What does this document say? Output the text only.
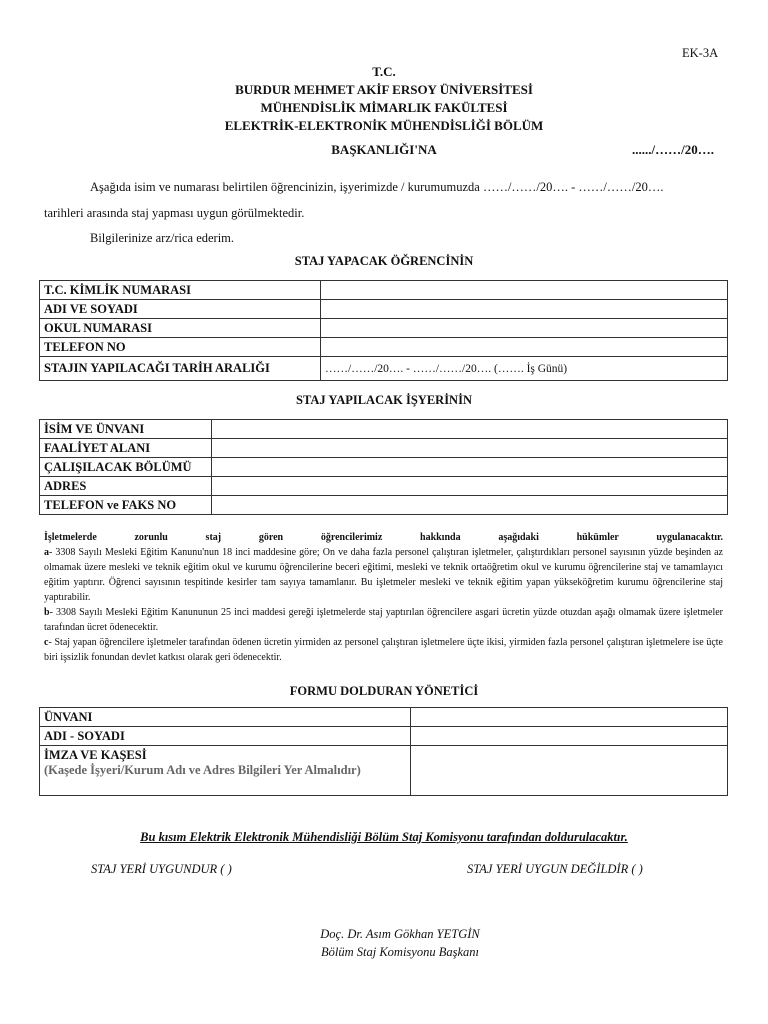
EK-3A
T.C.
BURDUR MEHMET AKİF ERSOY ÜNİVERSİTESİ
MÜHENDİSLİK MİMARLIK FAKÜLTESİ
ELEKTRİK-ELEKTRONİK MÜHENDİSLİĞİ BÖLÜM
BAŞKANLIĞI'NA	....../……/20….
Aşağıda isim ve numarası belirtilen öğrencinizin, işyerimizde / kurumumuzda ……/……/20…. - ……/……/20….
tarihleri arasında staj yapması uygun görülmektedir.
Bilgilerinize arz/rica ederim.
STAJ YAPACAK ÖĞRENCİNİN
T.C. KİMLİK NUMARASI	
ADI VE SOYADI	
OKUL NUMARASI	
TELEFON NO	
STAJIN YAPILACAĞI TARİH ARALIĞI	……/……/20…. - ……/……/20…. (……. İş Günü)
STAJ YAPILACAK İŞYERİNİN
İSİM VE ÜNVANI	
FAALİYET ALANI	
ÇALIŞILACAK BÖLÜMÜ	
ADRES	
TELEFON ve FAKS NO	

İşletmelerde zorunlu staj gören öğrencilerimiz hakkında aşağıdaki hükümler uygulanacaktır.

a- 3308 Sayılı Mesleki Eğitim Kanunu'nun 18 inci maddesine göre; On ve daha fazla personel çalıştıran işletmeler, çalıştırdıkları personel sayısının yüzde beşinden az olmamak üzere mesleki ve teknik eğitim okul ve kurumu öğrencilerine beceri eğitimi, mesleki ve teknik ortaöğretim okul ve kurumu öğrencilerine staj ve tamamlayıcı eğitim yaptırır. Öğrenci sayısının tespitinde kesirler tam sayıya tamamlanır. Bu işletmeler mesleki ve teknik eğitim yapan yükseköğretim kurumu öğrencilerine staj yaptırabilir.

b- 3308 Sayılı Mesleki Eğitim Kanununun 25 inci maddesi gereği işletmelerde staj yaptırılan öğrencilere asgari ücretin yüzde otuzdan aşağı olmamak üzere işletmeler tarafından ücret ödenecektir.

c- Staj yapan öğrencilere işletmeler tarafından ödenen ücretin yirmiden az personel çalıştıran işletmelere üçte ikisi, yirmiden fazla personel çalıştıran işletmelere ise üçte biri işsizlik fonundan devlet katkısı olarak geri ödenecektir.

FORMU DOLDURAN YÖNETİCİ
ÜNVANI	
ADI - SOYADI	

İMZA VE KAŞESİ
(Kaşede İşyeri/Kurum Adı ve Adres Bilgileri Yer Almalıdır)	

Bu kısım Elektrik Elektronik Mühendisliği Bölüm Staj Komisyonu tarafından doldurulacaktır.
STAJ YERİ UYGUNDUR ( )	STAJ YERİ UYGUN DEĞİLDİR ( )
Doç. Dr. Asım Gökhan YETGİN
Bölüm Staj Komisyonu Başkanı
